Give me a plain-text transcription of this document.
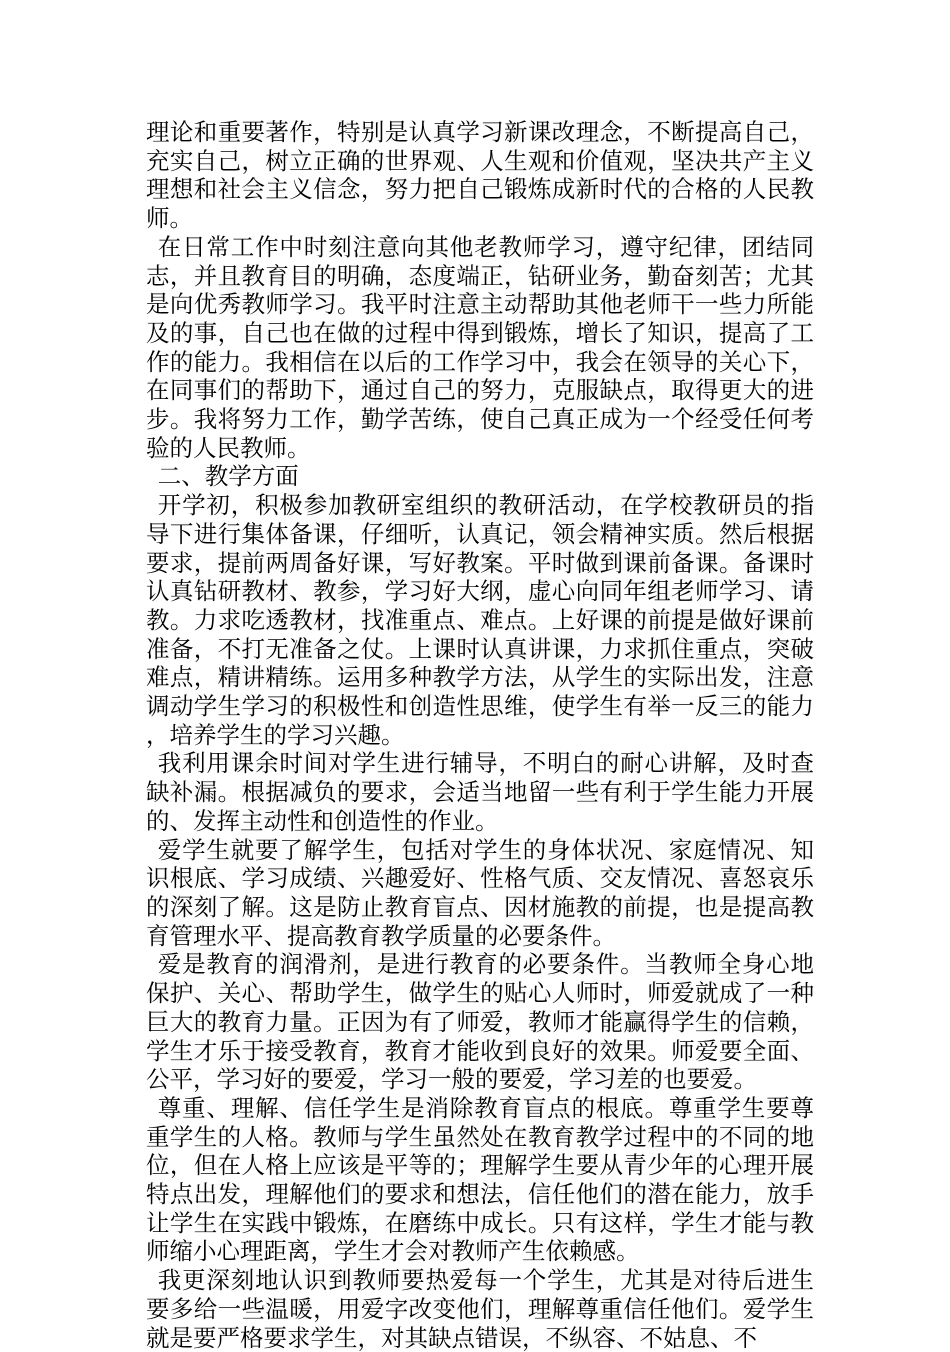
理论和重要著作，特别是认真学习新课改理念，不断提高自己，充实自己，树立正确的世界观、人生观和价值观，坚决共产主义理想和社会主义信念，努力把自己锻炼成新时代的合格的人民教师。

在日常工作中时刻注意向其他老教师学习，遵守纪律，团结同志，并且教育目的明确，态度端正，钻研业务，勤奋刻苦；尤其是向优秀教师学习。我平时注意主动帮助其他老师干一些力所能及的事，自己也在做的过程中得到锻炼，增长了知识，提高了工作的能力。我相信在以后的工作学习中，我会在领导的关心下，在同事们的帮助下，通过自己的努力，克服缺点，取得更大的进步。我将努力工作，勤学苦练，使自己真正成为一个经受任何考验的人民教师。

二、教学方面

开学初，积极参加教研室组织的教研活动，在学校教研员的指导下进行集体备课，仔细听，认真记，领会精神实质。然后根据要求，提前两周备好课，写好教案。平时做到课前备课。备课时认真钻研教材、教参，学习好大纲，虚心向同年组老师学习、请教。力求吃透教材，找准重点、难点。上好课的前提是做好课前准备，不打无准备之仗。上课时认真讲课，力求抓住重点，突破难点，精讲精练。运用多种教学方法，从学生的实际出发，注意调动学生学习的积极性和创造性思维，使学生有举一反三的能力，培养学生的学习兴趣。

我利用课余时间对学生进行辅导，不明白的耐心讲解，及时查缺补漏。根据减负的要求，会适当地留一些有利于学生能力开展的、发挥主动性和创造性的作业。

爱学生就要了解学生，包括对学生的身体状况、家庭情况、知识根底、学习成绩、兴趣爱好、性格气质、交友情况、喜怒哀乐的深刻了解。这是防止教育盲点、因材施教的前提，也是提高教育管理水平、提高教育教学质量的必要条件。

爱是教育的润滑剂，是进行教育的必要条件。当教师全身心地保护、关心、帮助学生，做学生的贴心人师时，师爱就成了一种巨大的教育力量。正因为有了师爱，教师才能赢得学生的信赖，学生才乐于接受教育，教育才能收到良好的效果。师爱要全面、公平，学习好的要爱，学习一般的要爱，学习差的也要爱。

尊重、理解、信任学生是消除教育盲点的根底。尊重学生要尊重学生的人格。教师与学生虽然处在教育教学过程中的不同的地位，但在人格上应该是平等的；理解学生要从青少年的心理开展特点出发，理解他们的要求和想法，信任他们的潜在能力，放手让学生在实践中锻炼，在磨练中成长。只有这样，学生才能与教师缩小心理距离，学生才会对教师产生依赖感。

我更深刻地认识到教师要热爱每一个学生，尤其是对待后进生要多给一些温暖，用爱字改变他们，理解尊重信任他们。爱学生就是要严格要求学生，对其缺点错误，不纵容、不姑息、不
